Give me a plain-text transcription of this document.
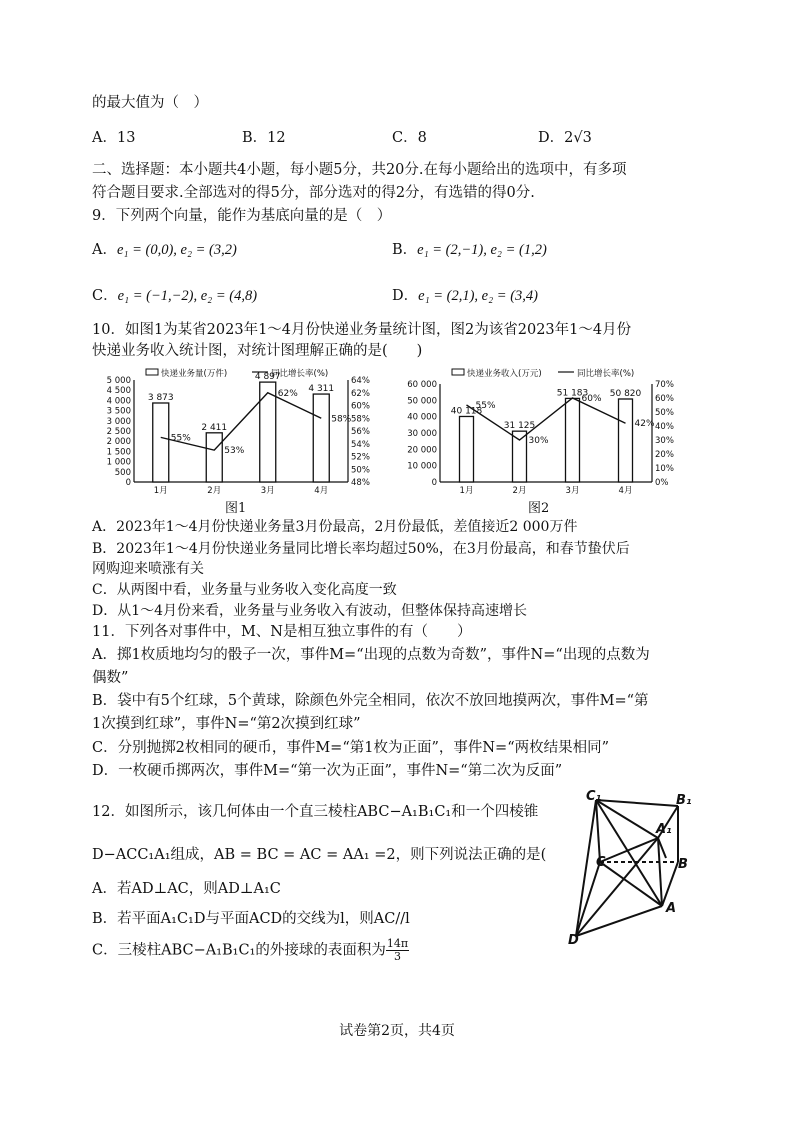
的最大值为（　）
A．13	B．12	C．8	D．2√3
二、选择题：本小题共4小题，每小题5分，共20分.在每小题给出的选项中，有多项
符合题目要求.全部选对的得5分，部分选对的得2分，有选错的得0分.
9．下列两个向量，能作为基底向量的是（　）
A．e₁ = (0,0), e₂ = (3,2)	B．e₁ = (2,−1), e₂ = (1,2)
C．e₁ = (−1,−2), e₂ = (4,8)	D．e₁ = (2,1), e₂ = (3,4)
10．如图1为某省2023年1～4月份快递业务量统计图，图2为该省2023年1～4月份
快递业务收入统计图，对统计图理解正确的是(　　)
0
500
1 000
1 500
2 000
2 500
3 000
3 500
4 000
4 500
5 000
48%
50%
52%
54%
56%
58%
60%
62%
64%
快递业务量(万件)	同比增长率(%)
3 873
1月
2 411
2月
4 897
3月
4 311
4月
55%
53%
62%
58%
图1
0
10 000
20 000
30 000
40 000
50 000
60 000
0%
10%
20%
30%
40%
50%
60%
70%
快递业务收入(万元)	同比增长率(%)
40 118
1月
31 125
2月
51 183
3月
50 820
4月
55%
30%
60%
42%
图2
A．2023年1～4月份快递业务量3月份最高，2月份最低，差值接近2 000万件
B．2023年1～4月份快递业务量同比增长率均超过50%，在3月份最高，和春节蛰伏后
网购迎来喷涨有关
C．从两图中看，业务量与业务收入变化高度一致
D．从1～4月份来看，业务量与业务收入有波动，但整体保持高速增长
11．下列各对事件中，M、N是相互独立事件的有（　　）
A．掷1枚质地均匀的骰子一次，事件M=“出现的点数为奇数”，事件N=“出现的点数为
偶数”
B．袋中有5个红球，5个黄球，除颜色外完全相同，依次不放回地摸两次，事件M=“第
1次摸到红球”，事件N=“第2次摸到红球”
C．分别抛掷2枚相同的硬币，事件M=“第1枚为正面”，事件N=“两枚结果相同”
D．一枚硬币掷两次，事件M=“第一次为正面”，事件N=“第二次为反面”
12．如图所示，该几何体由一个直三棱柱ABC−A₁B₁C₁和一个四棱锥
D−ACC₁A₁组成，AB = BC = AC = AA₁ =2，则下列说法正确的是(
A．若AD⊥AC，则AD⊥A₁C
B．若平面A₁C₁D与平面ACD的交线为l，则AC//l
C．三棱柱ABC−A₁B₁C₁的外接球的表面积为 $\frac{14\pi}{3}$
C₁	B₁
A₁
C	B
A
D
试卷第2页，共4页
